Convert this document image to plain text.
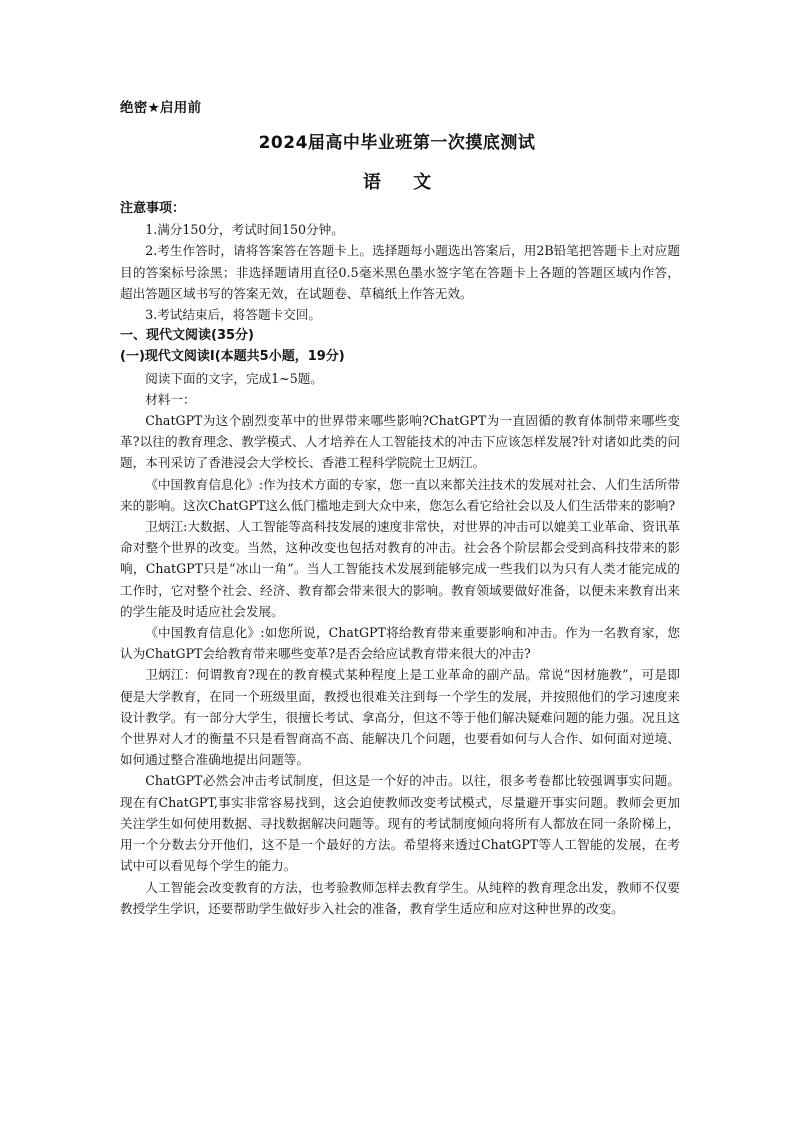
绝密★启用前
2024届高中毕业班第一次摸底测试
语 文

注意事项：

1.满分150分，考试时间150分钟。

2.考生作答时，请将答案答在答题卡上。选择题每小题选出答案后，用2B铅笔把答题卡上对应题目的答案标号涂黑；非选择题请用直径0.5毫米黑色墨水签字笔在答题卡上各题的答题区域内作答，超出答题区域书写的答案无效，在试题卷、草稿纸上作答无效。

3.考试结束后，将答题卡交回。

一、现代文阅读(35分)

(一)现代文阅读Ⅰ(本题共5小题，19分)

阅读下面的文字，完成1~5题。

材料一：

ChatGPT为这个剧烈变革中的世界带来哪些影响?ChatGPT为一直固循的教育体制带来哪些变革?以往的教育理念、教学模式、人才培养在人工智能技术的冲击下应该怎样发展?针对诸如此类的问题，本刊采访了香港浸会大学校长、香港工程科学院院士卫炳江。

《中国教育信息化》:作为技术方面的专家，您一直以来都关注技术的发展对社会、人们生活所带来的影响。这次ChatGPT这么低门槛地走到大众中来，您怎么看它给社会以及人们生活带来的影响?

卫炳江:大数据、人工智能等高科技发展的速度非常快，对世界的冲击可以媲美工业革命、资讯革命对整个世界的改变。当然，这种改变也包括对教育的冲击。社会各个阶层都会受到高科技带来的影响，ChatGPT只是“冰山一角”。当人工智能技术发展到能够完成一些我们以为只有人类才能完成的工作时，它对整个社会、经济、教育都会带来很大的影响。教育领域要做好准备，以便未来教育出来的学生能及时适应社会发展。

《中国教育信息化》:如您所说，ChatGPT将给教育带来重要影响和冲击。作为一名教育家，您认为ChatGPT会给教育带来哪些变革?是否会给应试教育带来很大的冲击?

卫炳江：何谓教育?现在的教育模式某种程度上是工业革命的副产品。常说“因材施教”，可是即便是大学教育，在同一个班级里面，教授也很难关注到每一个学生的发展，并按照他们的学习速度来设计教学。有一部分大学生，很擅长考试、拿高分，但这不等于他们解决疑难问题的能力强。况且这个世界对人才的衡量不只是看智商高不高、能解决几个问题，也要看如何与人合作、如何面对逆境、如何通过整合准确地提出问题等。

ChatGPT必然会冲击考试制度，但这是一个好的冲击。以往，很多考卷都比较强调事实问题。现在有ChatGPT,事实非常容易找到，这会迫使教师改变考试模式，尽量避开事实问题。教师会更加关注学生如何使用数据、寻找数据解决问题等。现有的考试制度倾向将所有人都放在同一条阶梯上，用一个分数去分开他们，这不是一个最好的方法。希望将来透过ChatGPT等人工智能的发展，在考试中可以看见每个学生的能力。

人工智能会改变教育的方法，也考验教师怎样去教育学生。从纯粹的教育理念出发，教师不仅要教授学生学识，还要帮助学生做好步入社会的准备，教育学生适应和应对这种世界的改变。
